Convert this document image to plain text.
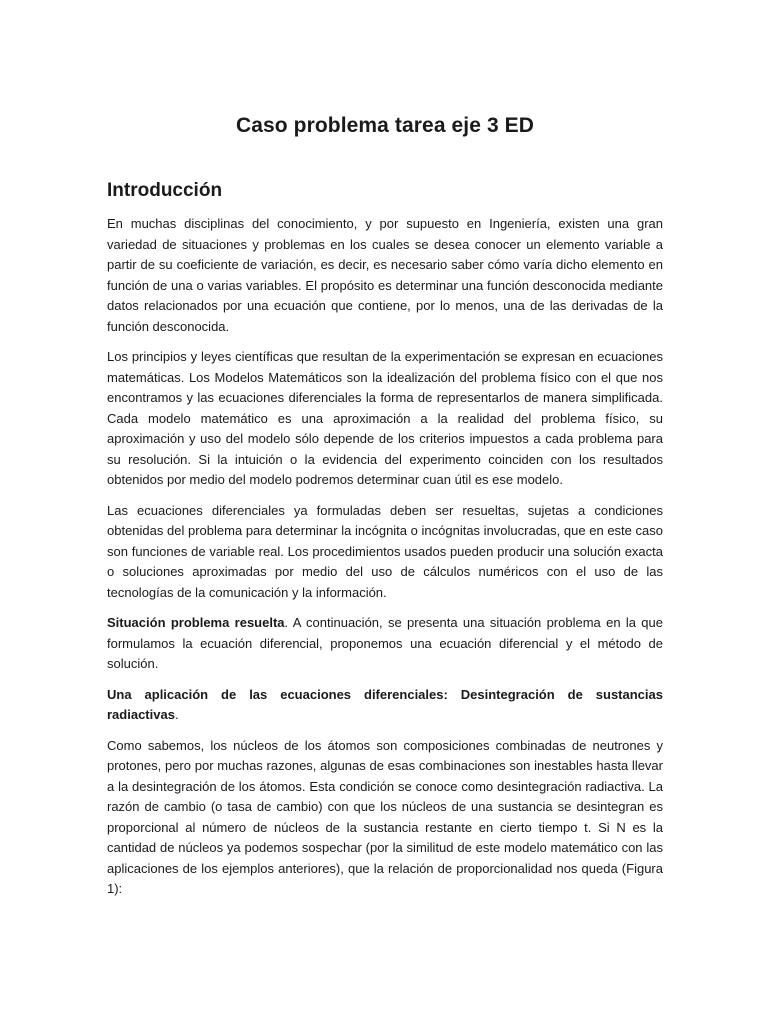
Caso problema tarea eje 3 ED
Introducción

En muchas disciplinas del conocimiento, y por supuesto en Ingeniería, existen una gran variedad de situaciones y problemas en los cuales se desea conocer un elemento variable a partir de su coeficiente de variación, es decir, es necesario saber cómo varía dicho elemento en función de una o varias variables. El propósito es determinar una función desconocida mediante datos relacionados por una ecuación que contiene, por lo menos, una de las derivadas de la función desconocida.

Los principios y leyes científicas que resultan de la experimentación se expresan en ecuaciones matemáticas. Los Modelos Matemáticos son la idealización del problema físico con el que nos encontramos y las ecuaciones diferenciales la forma de representarlos de manera simplificada. Cada modelo matemático es una aproximación a la realidad del problema físico, su aproximación y uso del modelo sólo depende de los criterios impuestos a cada problema para su resolución. Si la intuición o la evidencia del experimento coinciden con los resultados obtenidos por medio del modelo podremos determinar cuan útil es ese modelo.

Las ecuaciones diferenciales ya formuladas deben ser resueltas, sujetas a condiciones obtenidas del problema para determinar la incógnita o incógnitas involucradas, que en este caso son funciones de variable real. Los procedimientos usados pueden producir una solución exacta o soluciones aproximadas por medio del uso de cálculos numéricos con el uso de las tecnologías de la comunicación y la información.

Situación problema resuelta. A continuación, se presenta una situación problema en la que formulamos la ecuación diferencial, proponemos una ecuación diferencial y el método de solución.

Una aplicación de las ecuaciones diferenciales: Desintegración de sustancias radiactivas.

Como sabemos, los núcleos de los átomos son composiciones combinadas de neutrones y protones, pero por muchas razones, algunas de esas combinaciones son inestables hasta llevar a la desintegración de los átomos. Esta condición se conoce como desintegración radiactiva. La razón de cambio (o tasa de cambio) con que los núcleos de una sustancia se desintegran es proporcional al número de núcleos de la sustancia restante en cierto tiempo t. Si N es la cantidad de núcleos ya podemos sospechar (por la similitud de este modelo matemático con las aplicaciones de los ejemplos anteriores), que la relación de proporcionalidad nos queda (Figura 1):
